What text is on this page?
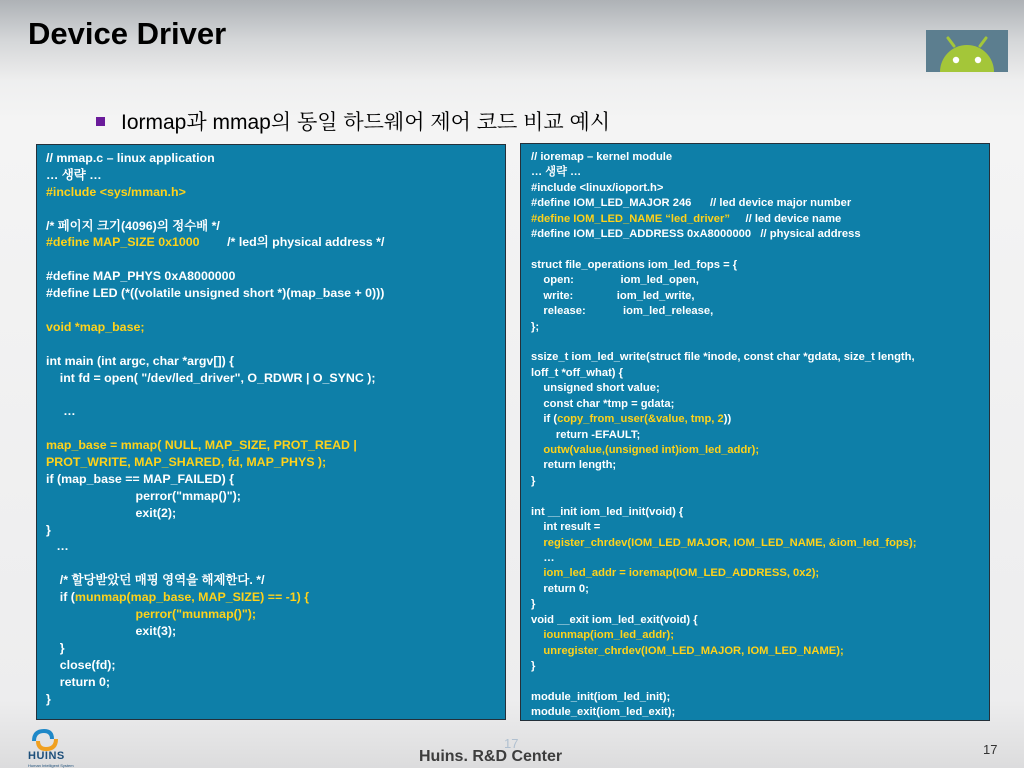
Device Driver
Iormap과 mmap의 동일 하드웨어 제어 코드 비교 예시
// mmap.c – linux application
… 생략 …
#include <sys/mman.h>
/* 페이지 크기(4096)의 정수배 */
#define MAP_SIZE 0x1000        /* led의 physical address */
#define MAP_PHYS 0xA8000000
#define LED (*((volatile unsigned short *)(map_base + 0)))
void *map_base;
int main (int argc, char *argv[]) {
int fd = open( "/dev/led_driver", O_RDWR | O_SYNC );
…
map_base = mmap( NULL, MAP_SIZE, PROT_READ |
PROT_WRITE, MAP_SHARED, fd, MAP_PHYS );
if (map_base == MAP_FAILED) {
perror("mmap()");
exit(2);
}
…
/* 할당받았던 매핑 영역을 해제한다. */
if (munmap(map_base, MAP_SIZE) == -1) {
perror("munmap()");
exit(3);
}
close(fd);
return 0;
}
// ioremap – kernel module
… 생략 …
#include <linux/ioport.h>
#define IOM_LED_MAJOR 246      // led device major number
#define IOM_LED_NAME “led_driver”     // led device name
#define IOM_LED_ADDRESS 0xA8000000   // physical address
struct file_operations iom_led_fops = {
open:               iom_led_open,
write:              iom_led_write,
release:            iom_led_release,
};
ssize_t iom_led_write(struct file *inode, const char *gdata, size_t length,
loff_t *off_what) {
unsigned short value;
const char *tmp = gdata;
if (copy_from_user(&value, tmp, 2))
return -EFAULT;
outw(value,(unsigned int)iom_led_addr);
return length;
}
int __init iom_led_init(void) {
int result =
register_chrdev(IOM_LED_MAJOR, IOM_LED_NAME, &iom_led_fops);
…
iom_led_addr = ioremap(IOM_LED_ADDRESS, 0x2);
return 0;
}
void __exit iom_led_exit(void) {
iounmap(iom_led_addr);
unregister_chrdev(IOM_LED_MAJOR, IOM_LED_NAME);
}
module_init(iom_led_init);
module_exit(iom_led_exit);
HUINS
Human Intelligent System
17
Huins. R&D Center	17
